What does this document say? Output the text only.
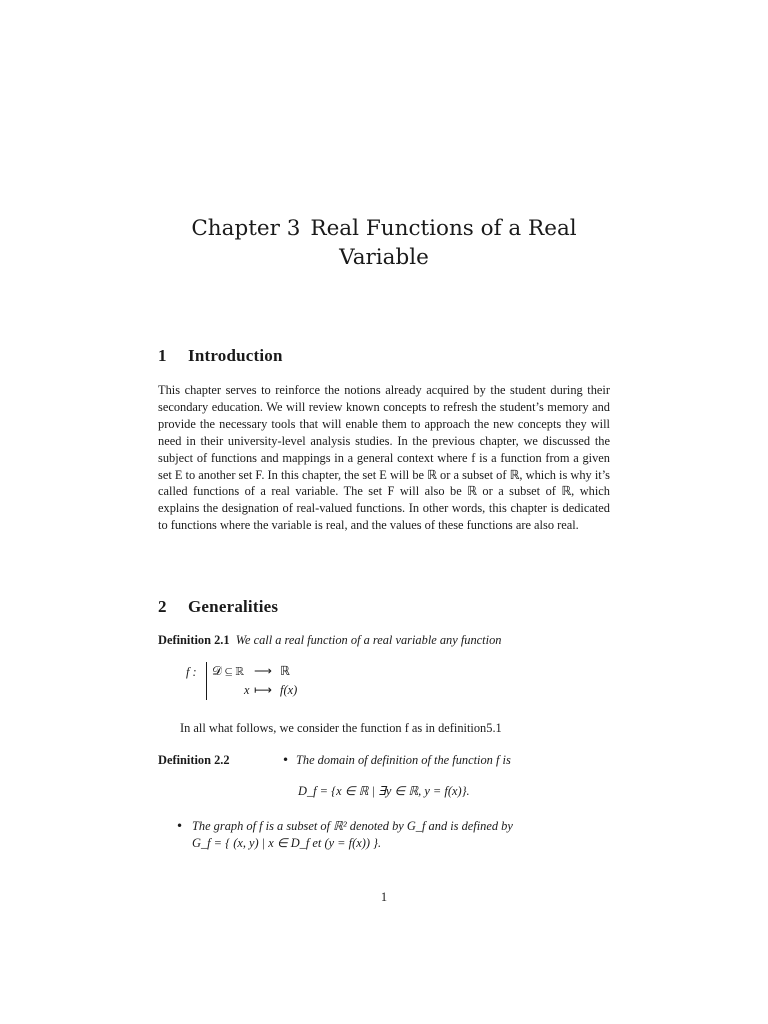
Chapter 3 Real Functions of a Real
Variable
1 Introduction
This chapter serves to reinforce the notions already acquired by the student during their secondary education. We will review known concepts to refresh the student’s memory and provide the necessary tools that will enable them to approach the new concepts they will need in their university-level analysis studies. In the previous chapter, we discussed the subject of functions and mappings in a general context where f is a function from a given set E to another set F. In this chapter, the set E will be ℝ or a subset of ℝ, which is why it’s called functions of a real variable. The set F will also be ℝ or a subset of ℝ, which explains the designation of real-valued functions. In other words, this chapter is dedicated to functions where the variable is real, and the values of these functions are also real.
2 Generalities
Definition 2.1 We call a real function of a real variable any function
f : 𝒟 ⊆ ℝ ⟶ ℝ
x ⟼ f(x)
In all what follows, we consider the function f as in definition5.1
Definition 2.2	• The domain of definition of the function f is
D_f = {x ∈ ℝ | ∃y ∈ ℝ, y = f(x)}.
• The graph of f is a subset of ℝ² denoted by G_f and is defined by
G_f = { (x, y) | x ∈ D_f et (y = f(x)) }.
1
